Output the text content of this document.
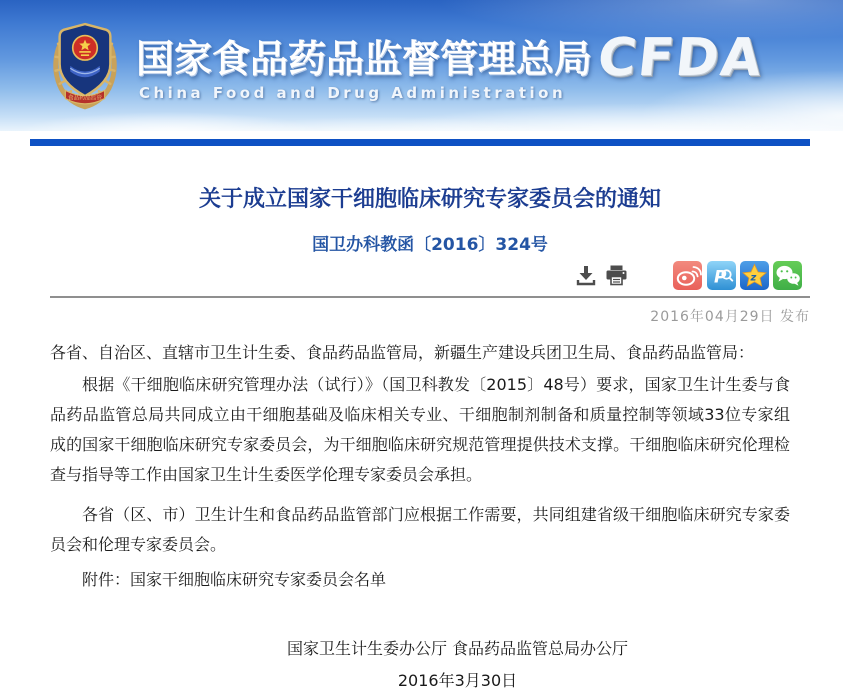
食品药品监管
国家食品药品监督管理总局
China Food and Drug Administration
CFDA
关于成立国家干细胞临床研究专家委员会的通知
国卫办科教函〔2016〕324号
P z
2016年04月29日 发布

各省、自治区、直辖市卫生计生委、食品药品监管局，新疆生产建设兵团卫生局、食品药品监管局：

根据《干细胞临床研究管理办法（试行）》（国卫科教发〔2015〕48号）要求，国家卫生计生委与食品药品监管总局共同成立由干细胞基础及临床相关专业、干细胞制剂制备和质量控制等领域33位专家组成的国家干细胞临床研究专家委员会，为干细胞临床研究规范管理提供技术支撑。干细胞临床研究伦理检查与指导等工作由国家卫生计生委医学伦理专家委员会承担。

各省（区、市）卫生计生和食品药品监管部门应根据工作需要，共同组建省级干细胞临床研究专家委员会和伦理专家委员会。

附件：国家干细胞临床研究专家委员会名单

国家卫生计生委办公厅 食品药品监管总局办公厅
2016年3月30日
